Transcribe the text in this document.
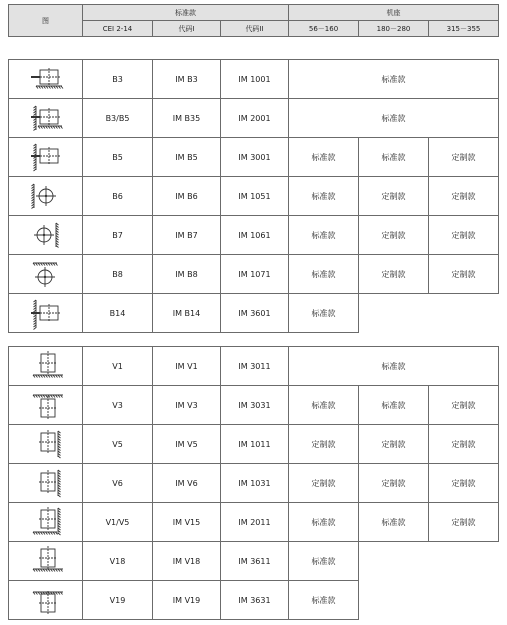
图	标准款			机座		
	CEI 2-14	代码I	代码II	56－160	180－280	315－355
	B3	IM B3	IM 1001	标准款		

	B3/B5	IM B35	IM 2001	标准款		

	B5	IM B5	IM 3001	标准款	标准款	定制款

	B6	IM B6	IM 1051	标准款	定制款	定制款

	B7	IM B7	IM 1061	标准款	定制款	定制款

	B8	IM B8	IM 1071	标准款	定制款	定制款

	B14	IM B14	IM 3601	标准款		
	V1	IM V1	IM 3011	标准款		

	V3	IM V3	IM 3031	标准款	标准款	定制款

	V5	IM V5	IM 1011	定制款	定制款	定制款

	V6	IM V6	IM 1031	定制款	定制款	定制款

	V1/V5	IM V15	IM 2011	标准款	标准款	定制款

	V18	IM V18	IM 3611	标准款		

	V19	IM V19	IM 3631	标准款		
